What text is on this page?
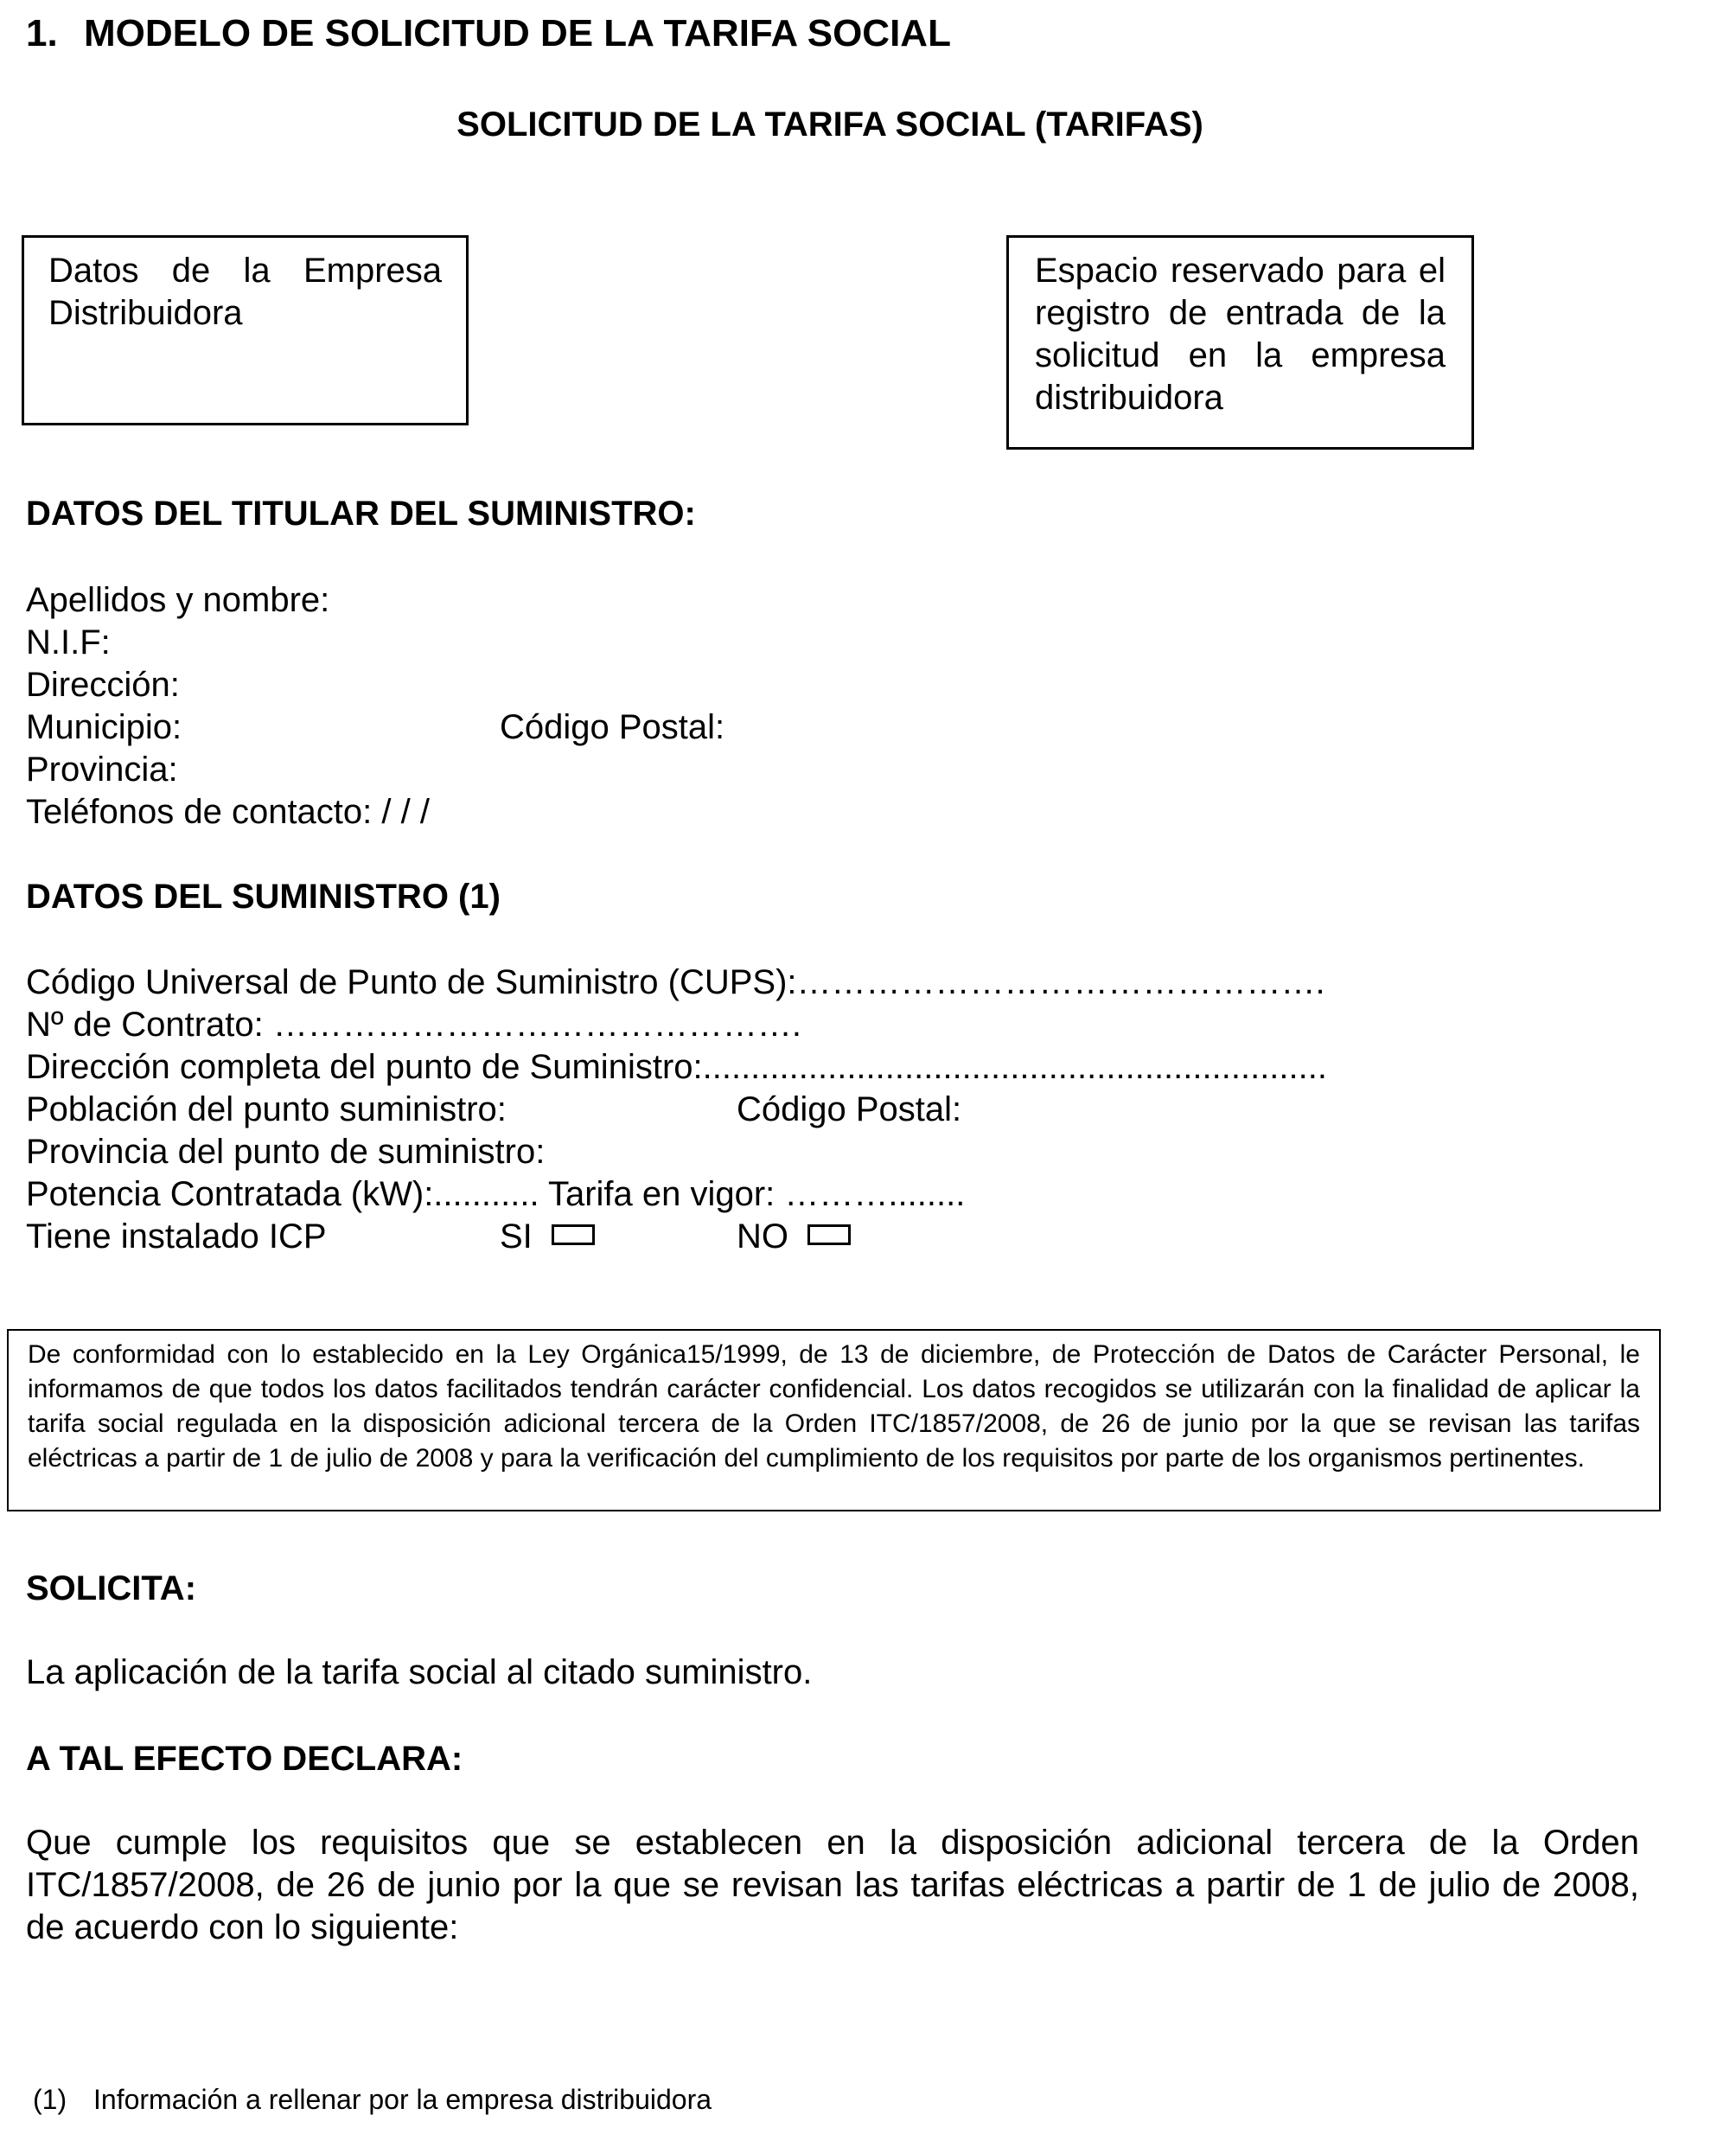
1. MODELO DE SOLICITUD DE LA TARIFA SOCIAL
SOLICITUD DE LA TARIFA SOCIAL (TARIFAS)
Datos de la Empresa Distribuidora
Espacio reservado para el registro de entrada de la solicitud en la empresa distribuidora
DATOS DEL TITULAR DEL SUMINISTRO:
Apellidos y nombre:
N.I.F:
Dirección:
Municipio:	Código Postal:
Provincia:
Teléfonos de contacto: / / /
DATOS DEL SUMINISTRO (1)
Código Universal de Punto de Suministro (CUPS):……………………………………….
Nº de Contrato: ……………………………………….
Dirección completa del punto de Suministro:.................................................................
Población del punto suministro:	Código Postal:
Provincia del punto de suministro:
Potencia Contratada (kW):........... Tarifa en vigor: ………........
Tiene instalado ICP	SI	NO
De conformidad con lo establecido en la Ley Orgánica15/1999, de 13 de diciembre, de Protección de Datos de Carácter Personal, le informamos de que todos los datos facilitados tendrán carácter confidencial. Los datos recogidos se utilizarán con la finalidad de aplicar la tarifa social regulada en la disposición adicional tercera de la Orden ITC/1857/2008, de 26 de junio por la que se revisan las tarifas eléctricas a partir de 1 de julio de 2008 y para la verificación del cumplimiento de los requisitos por parte de los organismos pertinentes.
SOLICITA:
La aplicación de la tarifa social al citado suministro.
A TAL EFECTO DECLARA:
Que cumple los requisitos que se establecen en la disposición adicional tercera de la Orden ITC/1857/2008, de 26 de junio por la que se revisan las tarifas eléctricas a partir de 1 de julio de 2008, de acuerdo con lo siguiente:
(1) Información a rellenar por la empresa distribuidora
